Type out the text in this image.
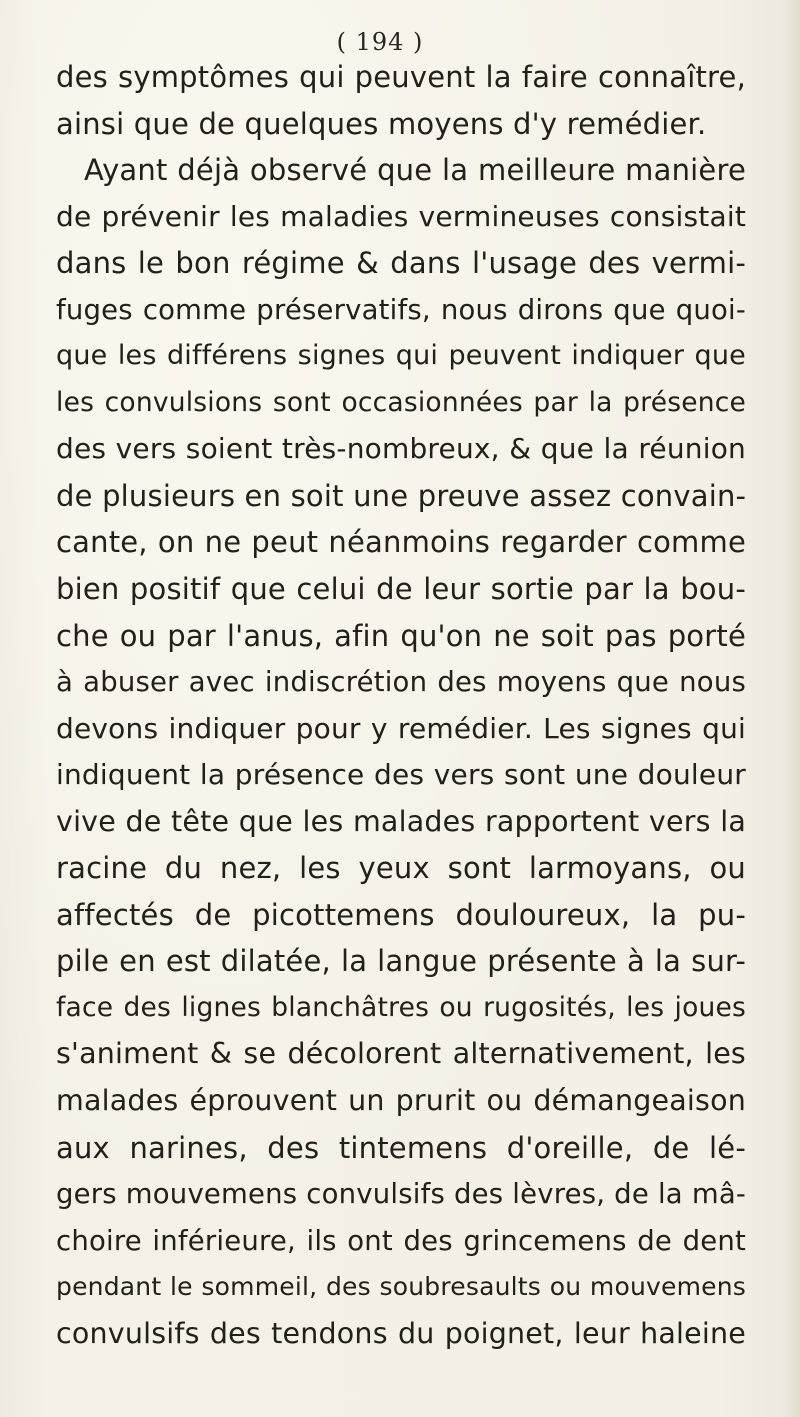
( 194 )
des symptômes qui peuvent la faire connaître,
ainsi que de quelques moyens d'y remédier.
Ayant déjà observé que la meilleure manière
de prévenir les maladies vermineuses consistait
dans le bon régime & dans l'usage des vermi-
fuges comme préservatifs, nous dirons que quoi-
que les différens signes qui peuvent indiquer que
les convulsions sont occasionnées par la présence
des vers soient très-nombreux, & que la réunion
de plusieurs en soit une preuve assez convain-
cante, on ne peut néanmoins regarder comme
bien positif que celui de leur sortie par la bou-
che ou par l'anus, afin qu'on ne soit pas porté
à abuser avec indiscrétion des moyens que nous
devons indiquer pour y remédier. Les signes qui
indiquent la présence des vers sont une douleur
vive de tête que les malades rapportent vers la
racine du nez, les yeux sont larmoyans, ou
affectés de picottemens douloureux, la pu-
pile en est dilatée, la langue présente à la sur-
face des lignes blanchâtres ou rugosités, les joues
s'animent & se décolorent alternativement, les
malades éprouvent un prurit ou démangeaison
aux narines, des tintemens d'oreille, de lé-
gers mouvemens convulsifs des lèvres, de la mâ-
choire inférieure, ils ont des grincemens de dent
pendant le sommeil, des soubresaults ou mouvemens
convulsifs des tendons du poignet, leur haleine
